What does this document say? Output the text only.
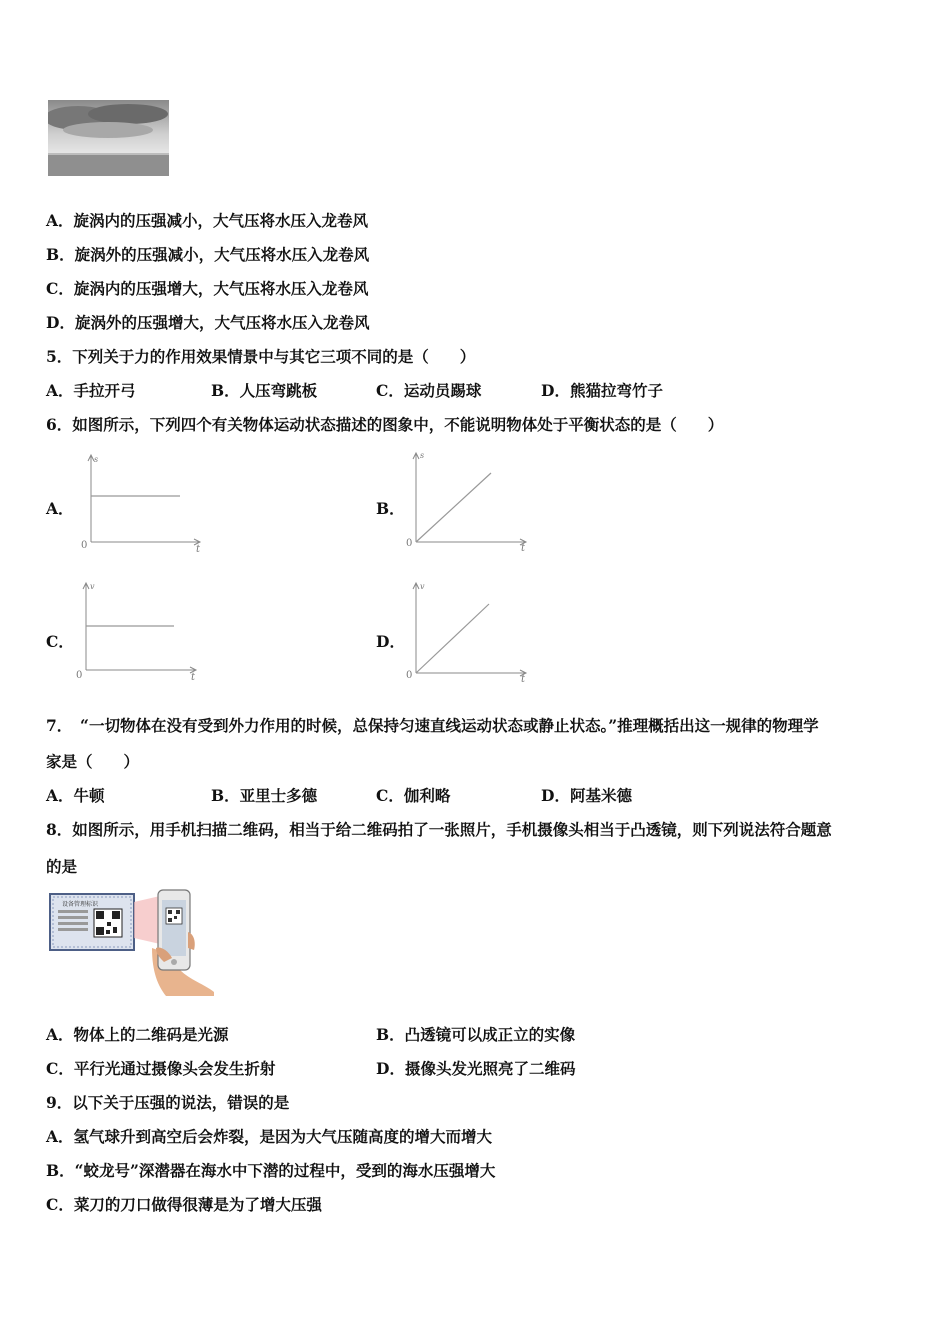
A．旋涡内的压强减小，大气压将水压入龙卷风
B．旋涡外的压强减小，大气压将水压入龙卷风
C．旋涡内的压强增大，大气压将水压入龙卷风
D．旋涡外的压强增大，大气压将水压入龙卷风
5．下列关于力的作用效果情景中与其它三项不同的是（　　）
A．手拉开弓	B．人压弯跳板	C．运动员踢球	D．熊猫拉弯竹子
6．如图所示，下列四个有关物体运动状态描述的图象中，不能说明物体处于平衡状态的是（　　）
A．
s
t
0
B．
s
t
0
C．
v
t
0
D．
v
t
0
7．　“一切物体在没有受到外力作用的时候，总保持匀速直线运动状态或静止状态。”推理概括出这一规律的物理学
家是（　　）
A．牛顿	B．亚里士多德	C．伽利略	D．阿基米德
8．如图所示，用手机扫描二维码，相当于给二维码拍了一张照片，手机摄像头相当于凸透镜，则下列说法符合题意
的是
设备管理标识
A．物体上的二维码是光源	B．凸透镜可以成正立的实像
C．平行光通过摄像头会发生折射	D．摄像头发光照亮了二维码
9．以下关于压强的说法，错误的是
A．氢气球升到高空后会炸裂，是因为大气压随高度的增大而增大
B．“蛟龙号”深潜器在海水中下潜的过程中，受到的海水压强增大
C．菜刀的刀口做得很薄是为了增大压强
